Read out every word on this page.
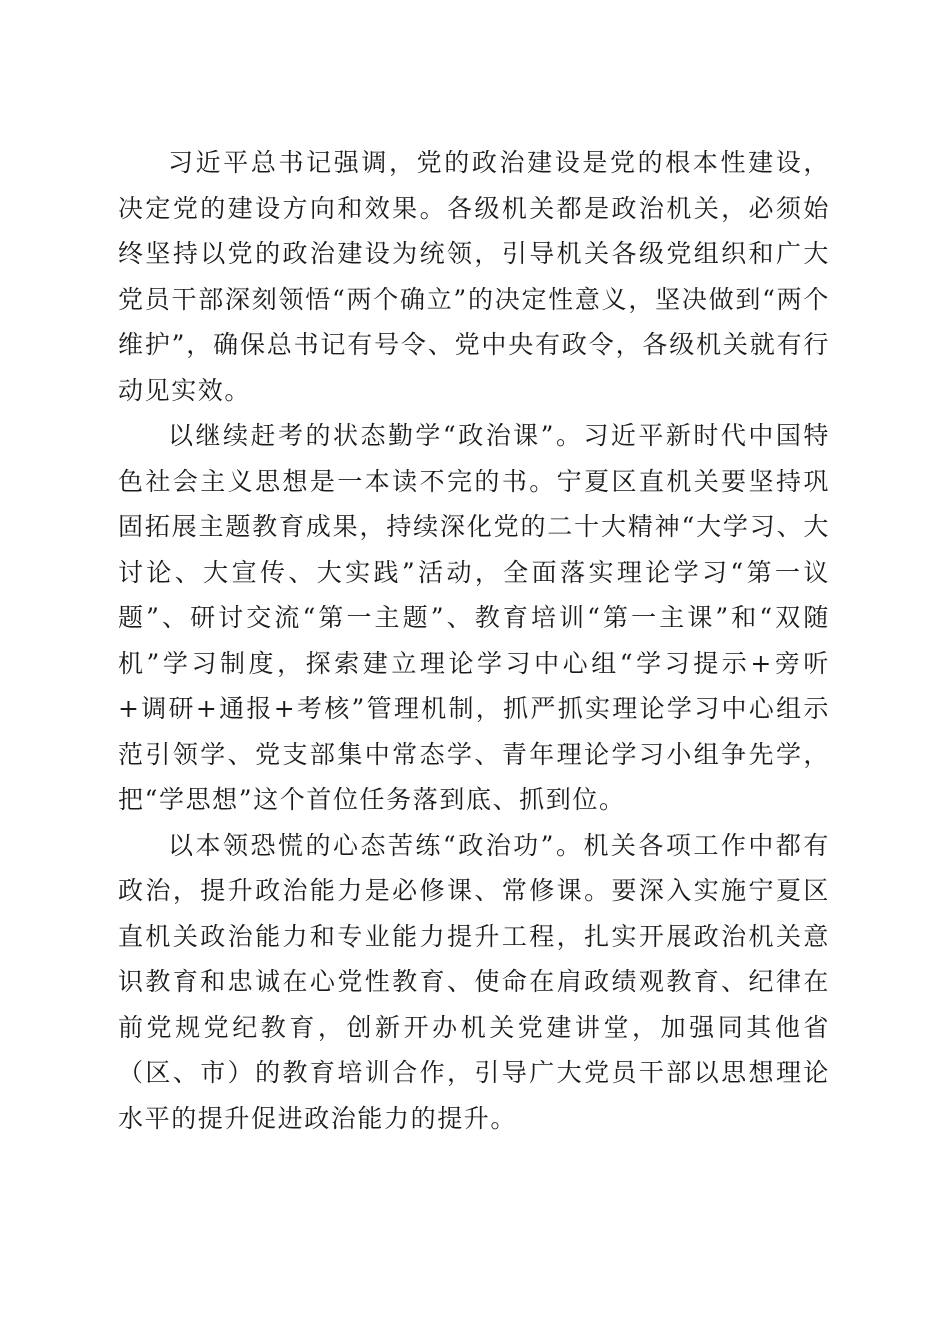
习近平总书记强调，党的政治建设是党的根本性建设，决定党的建设方向和效果。各级机关都是政治机关，必须始终坚持以党的政治建设为统领，引导机关各级党组织和广大党员干部深刻领悟“两个确立”的决定性意义，坚决做到“两个维护”，确保总书记有号令、党中央有政令，各级机关就有行动见实效。

以继续赶考的状态勤学“政治课”。习近平新时代中国特色社会主义思想是一本读不完的书。宁夏区直机关要坚持巩固拓展主题教育成果，持续深化党的二十大精神“大学习、大讨论、大宣传、大实践”活动，全面落实理论学习“第一议题”、研讨交流“第一主题”、教育培训“第一主课”和“双随机”学习制度，探索建立理论学习中心组“学习提示+旁听+调研+通报+考核”管理机制，抓严抓实理论学习中心组示范引领学、党支部集中常态学、青年理论学习小组争先学，把“学思想”这个首位任务落到底、抓到位。

以本领恐慌的心态苦练“政治功”。机关各项工作中都有政治，提升政治能力是必修课、常修课。要深入实施宁夏区直机关政治能力和专业能力提升工程，扎实开展政治机关意识教育和忠诚在心党性教育、使命在肩政绩观教育、纪律在前党规党纪教育，创新开办机关党建讲堂，加强同其他省（区、市）的教育培训合作，引导广大党员干部以思想理论水平的提升促进政治能力的提升。
